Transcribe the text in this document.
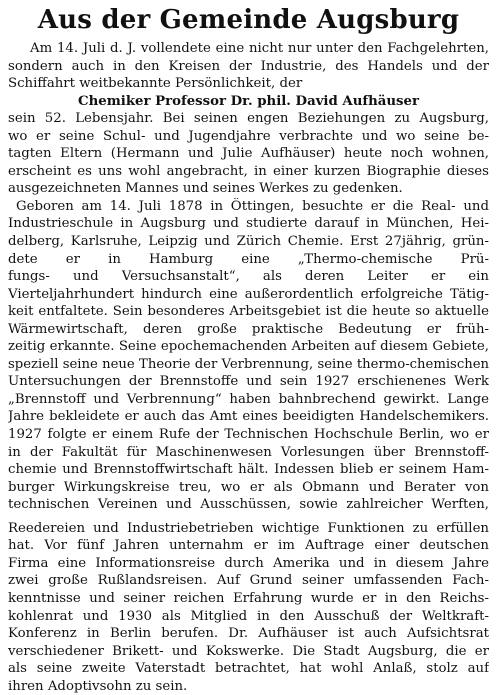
Aus der Gemeinde Augsburg
Am 14. Juli d. J. vollendete eine nicht nur unter den Fachgelehrten,
sondern auch in den Kreisen der Industrie, des Handels und der
Schiffahrt weitbekannte Persönlichkeit, der
Chemiker Professor Dr. phil. David Aufhäuser
sein 52. Lebensjahr. Bei seinen engen Beziehungen zu Augsburg,
wo er seine Schul- und Jugendjahre verbrachte und wo seine be-
tagten Eltern (Hermann und Julie Aufhäuser) heute noch wohnen,
erscheint es uns wohl angebracht, in einer kurzen Biographie dieses
ausgezeichneten Mannes und seines Werkes zu gedenken.
Geboren am 14. Juli 1878 in Öttingen, besuchte er die Real- und
Industrieschule in Augsburg und studierte darauf in München, Hei-
delberg, Karlsruhe, Leipzig und Zürich Chemie. Erst 27jährig, grün-
dete er in Hamburg eine „Thermo-chemische Prü-
fungs- und Versuchsanstalt“, als deren Leiter er ein
Vierteljahrhundert hindurch eine außerordentlich erfolgreiche Tätig-
keit entfaltete. Sein besonderes Arbeitsgebiet ist die heute so aktuelle
Wärmewirtschaft, deren große praktische Bedeutung er früh-
zeitig erkannte. Seine epochemachenden Arbeiten auf diesem Gebiete,
speziell seine neue Theorie der Verbrennung, seine thermo-chemischen
Untersuchungen der Brennstoffe und sein 1927 erschienenes Werk
„Brennstoff und Verbrennung“ haben bahnbrechend gewirkt. Lange
Jahre bekleidete er auch das Amt eines beeidigten Handelschemikers.
1927 folgte er einem Rufe der Technischen Hochschule Berlin, wo er
in der Fakultät für Maschinenwesen Vorlesungen über Brennstoff-
chemie und Brennstoffwirtschaft hält. Indessen blieb er seinem Ham-
burger Wirkungskreise treu, wo er als Obmann und Berater von
technischen Vereinen und Ausschüssen, sowie zahlreicher Werften,
Reedereien und Industriebetrieben wichtige Funktionen zu erfüllen
hat. Vor fünf Jahren unternahm er im Auftrage einer deutschen
Firma eine Informationsreise durch Amerika und in diesem Jahre
zwei große Rußlandsreisen. Auf Grund seiner umfassenden Fach-
kenntnisse und seiner reichen Erfahrung wurde er in den Reichs-
kohlenrat und 1930 als Mitglied in den Ausschuß der Weltkraft-
Konferenz in Berlin berufen. Dr. Aufhäuser ist auch Aufsichtsrat
verschiedener Brikett- und Kokswerke. Die Stadt Augsburg, die er
als seine zweite Vaterstadt betrachtet, hat wohl Anlaß, stolz auf
ihren Adoptivsohn zu sein.
